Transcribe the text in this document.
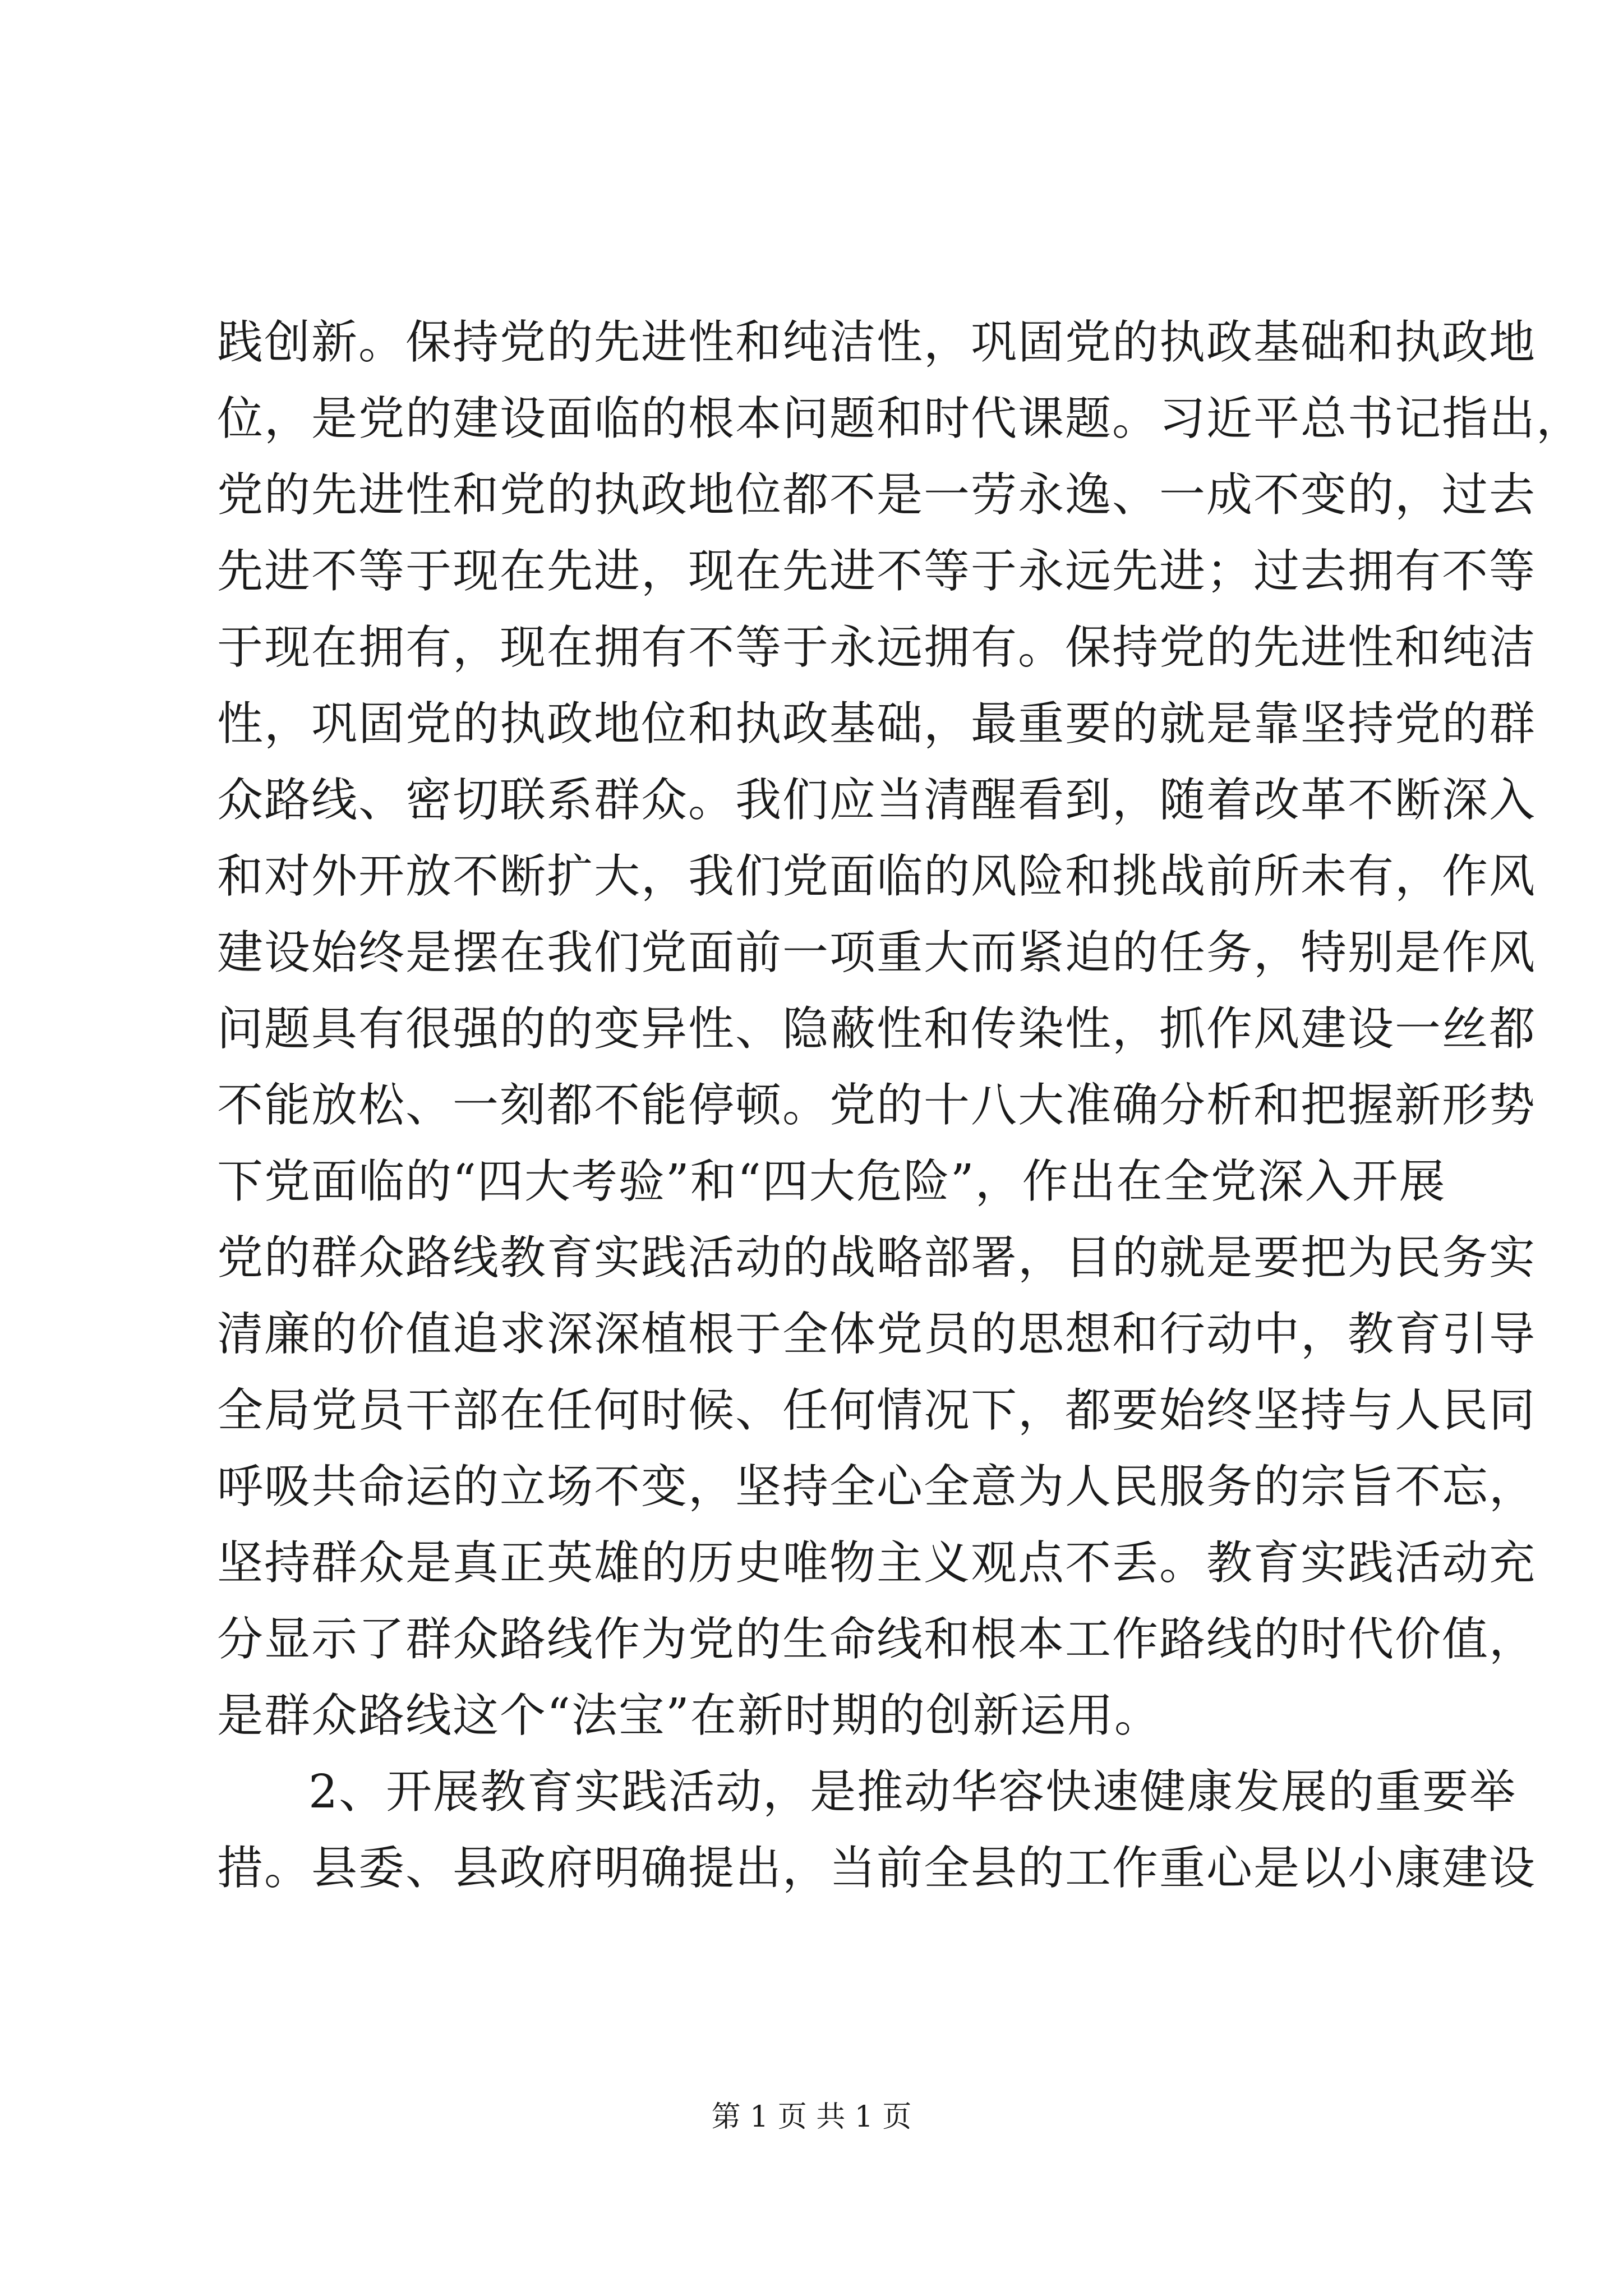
践创新。保持党的先进性和纯洁性，巩固党的执政基础和执政地
位，是党的建设面临的根本问题和时代课题。习近平总书记指出，
党的先进性和党的执政地位都不是一劳永逸、一成不变的，过去
先进不等于现在先进，现在先进不等于永远先进；过去拥有不等
于现在拥有，现在拥有不等于永远拥有。保持党的先进性和纯洁
性，巩固党的执政地位和执政基础，最重要的就是靠坚持党的群
众路线、密切联系群众。我们应当清醒看到，随着改革不断深入
和对外开放不断扩大，我们党面临的风险和挑战前所未有，作风
建设始终是摆在我们党面前一项重大而紧迫的任务，特别是作风
问题具有很强的的变异性、隐蔽性和传染性，抓作风建设一丝都
不能放松、一刻都不能停顿。党的十八大准确分析和把握新形势
下党面临的“四大考验”和“四大危险”，作出在全党深入开展
党的群众路线教育实践活动的战略部署，目的就是要把为民务实
清廉的价值追求深深植根于全体党员的思想和行动中，教育引导
全局党员干部在任何时候、任何情况下，都要始终坚持与人民同
呼吸共命运的立场不变，坚持全心全意为人民服务的宗旨不忘，
坚持群众是真正英雄的历史唯物主义观点不丢。教育实践活动充
分显示了群众路线作为党的生命线和根本工作路线的时代价值，
是群众路线这个“法宝”在新时期的创新运用。
2、开展教育实践活动，是推动华容快速健康发展的重要举
措。县委、县政府明确提出，当前全县的工作重心是以小康建设
第 1 页 共 1 页
